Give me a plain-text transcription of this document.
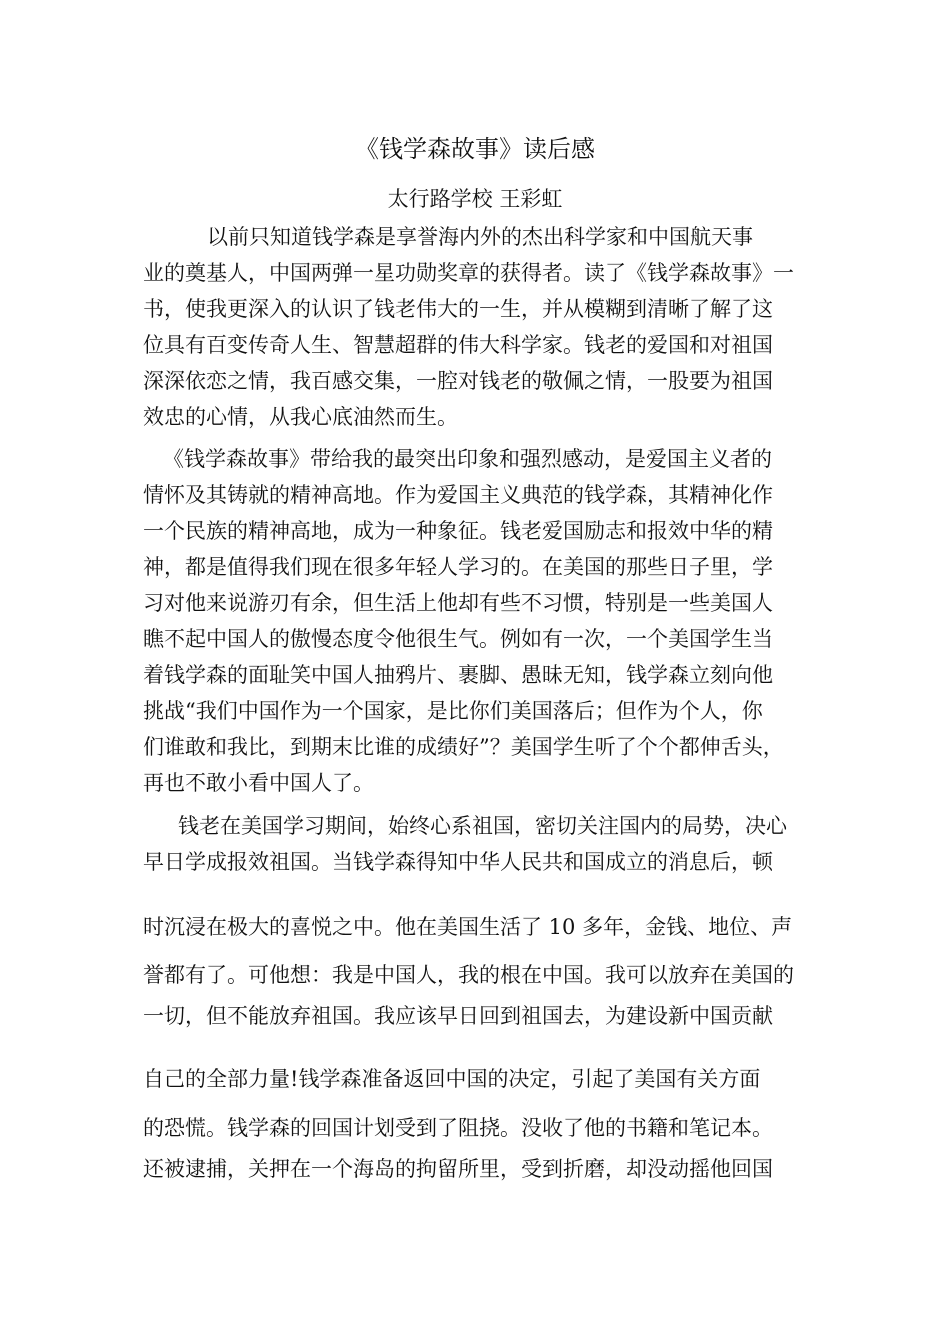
《钱学森故事》读后感
太行路学校 王彩虹
以前只知道钱学森是享誉海内外的杰出科学家和中国航天事
业的奠基人，中国两弹一星功勋奖章的获得者。读了《钱学森故事》一
书，使我更深入的认识了钱老伟大的一生，并从模糊到清晰了解了这
位具有百变传奇人生、智慧超群的伟大科学家。钱老的爱国和对祖国
深深依恋之情，我百感交集，一腔对钱老的敬佩之情，一股要为祖国
效忠的心情，从我心底油然而生。
《钱学森故事》带给我的最突出印象和强烈感动，是爱国主义者的
情怀及其铸就的精神高地。作为爱国主义典范的钱学森，其精神化作
一个民族的精神高地，成为一种象征。钱老爱国励志和报效中华的精
神，都是值得我们现在很多年轻人学习的。在美国的那些日子里，学
习对他来说游刃有余，但生活上他却有些不习惯，特别是一些美国人
瞧不起中国人的傲慢态度令他很生气。例如有一次，一个美国学生当
着钱学森的面耻笑中国人抽鸦片、裹脚、愚昧无知，钱学森立刻向他
挑战“我们中国作为一个国家，是比你们美国落后；但作为个人，你
们谁敢和我比，到期末比谁的成绩好”？美国学生听了个个都伸舌头，
再也不敢小看中国人了。
钱老在美国学习期间，始终心系祖国，密切关注国内的局势，决心
早日学成报效祖国。当钱学森得知中华人民共和国成立的消息后，顿
时沉浸在极大的喜悦之中。他在美国生活了 10 多年，金钱、地位、声
誉都有了。可他想：我是中国人，我的根在中国。我可以放弃在美国的
一切，但不能放弃祖国。我应该早日回到祖国去，为建设新中国贡献
自己的全部力量!钱学森准备返回中国的决定，引起了美国有关方面
的恐慌。钱学森的回国计划受到了阻挠。没收了他的书籍和笔记本。
还被逮捕，关押在一个海岛的拘留所里，受到折磨，却没动摇他回国
